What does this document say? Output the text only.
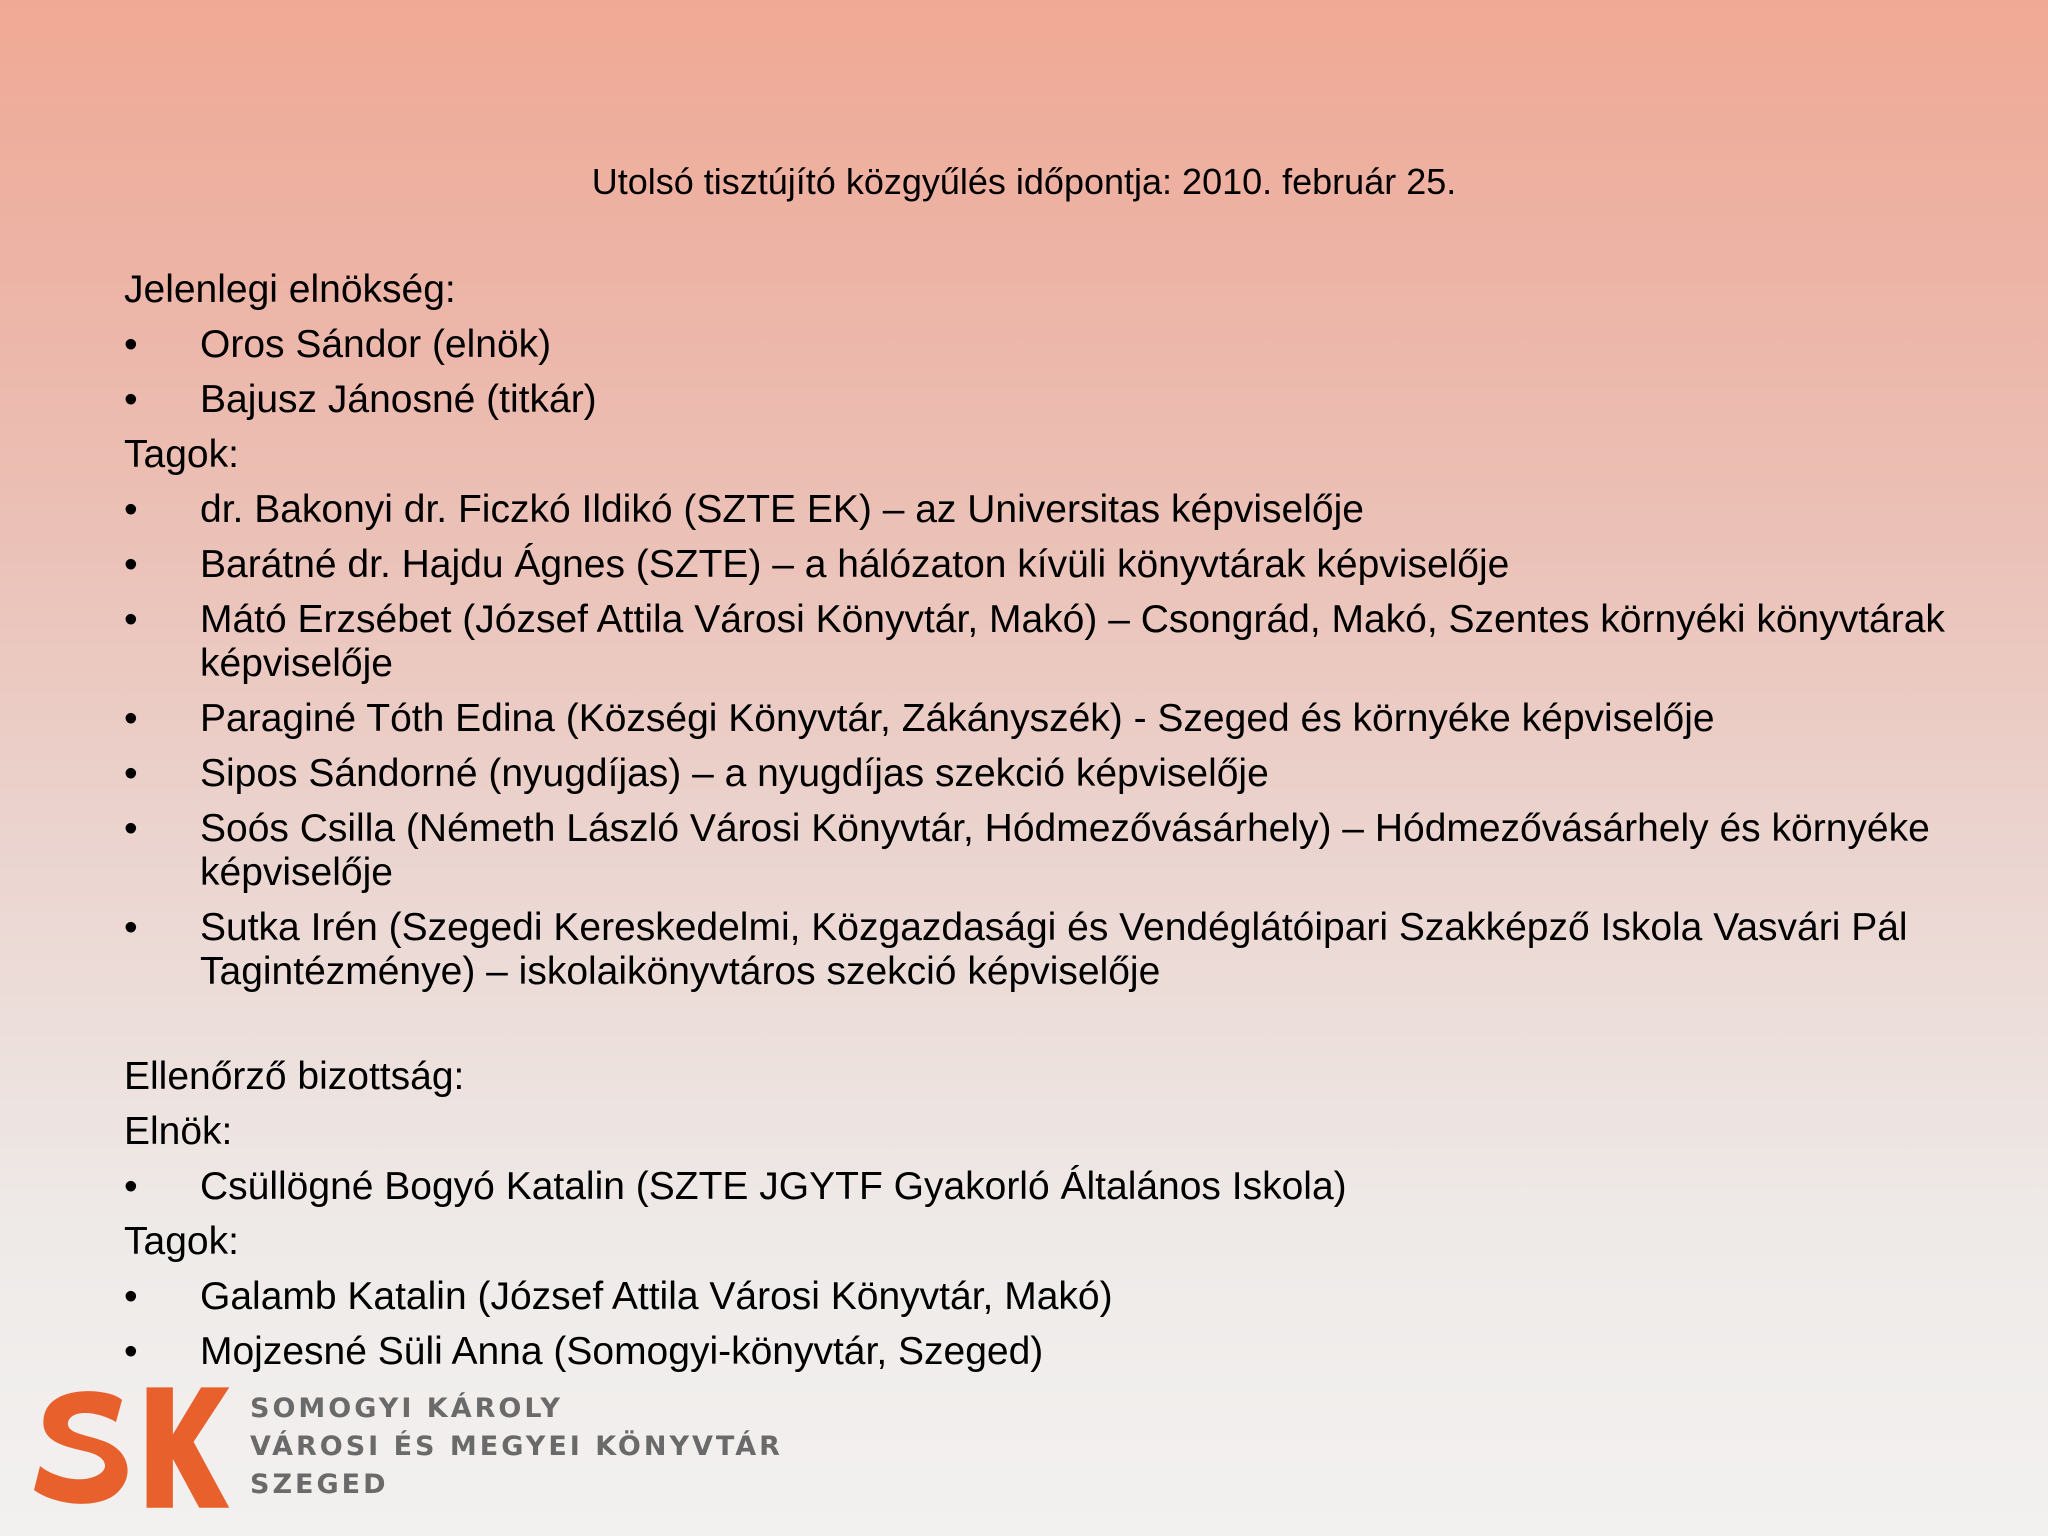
Utolsó tisztújító közgyűlés időpontja: 2010. február 25.
Jelenlegi elnökség:
•	Oros Sándor (elnök)
•	Bajusz Jánosné (titkár)
Tagok:
•	dr. Bakonyi dr. Ficzkó Ildikó (SZTE EK) – az Universitas képviselője
•	Barátné dr. Hajdu Ágnes (SZTE) – a hálózaton kívüli könyvtárak képviselője
•	Mátó Erzsébet (József Attila Városi Könyvtár, Makó) – Csongrád, Makó, Szentes környéki könyvtárak képviselője
•	Paraginé Tóth Edina (Községi Könyvtár, Zákányszék) - Szeged és környéke képviselője
•	Sipos Sándorné (nyugdíjas) – a nyugdíjas szekció képviselője
•	Soós Csilla (Németh László Városi Könyvtár, Hódmezővásárhely) – Hódmezővásárhely és környéke képviselője
•	Sutka Irén (Szegedi Kereskedelmi, Közgazdasági és Vendéglátóipari Szakképző Iskola Vasvári Pál Tagintézménye) – iskolaikönyvtáros szekció képviselője
Ellenőrző bizottság:
Elnök:
•	Csüllögné Bogyó Katalin (SZTE JGYTF Gyakorló Általános Iskola)
Tagok:
•	Galamb Katalin (József Attila Városi Könyvtár, Makó)
•	Mojzesné Süli Anna (Somogyi-könyvtár, Szeged)
SOMOGYI KÁROLY
VÁROSI ÉS MEGYEI KÖNYVTÁR
SZEGED
